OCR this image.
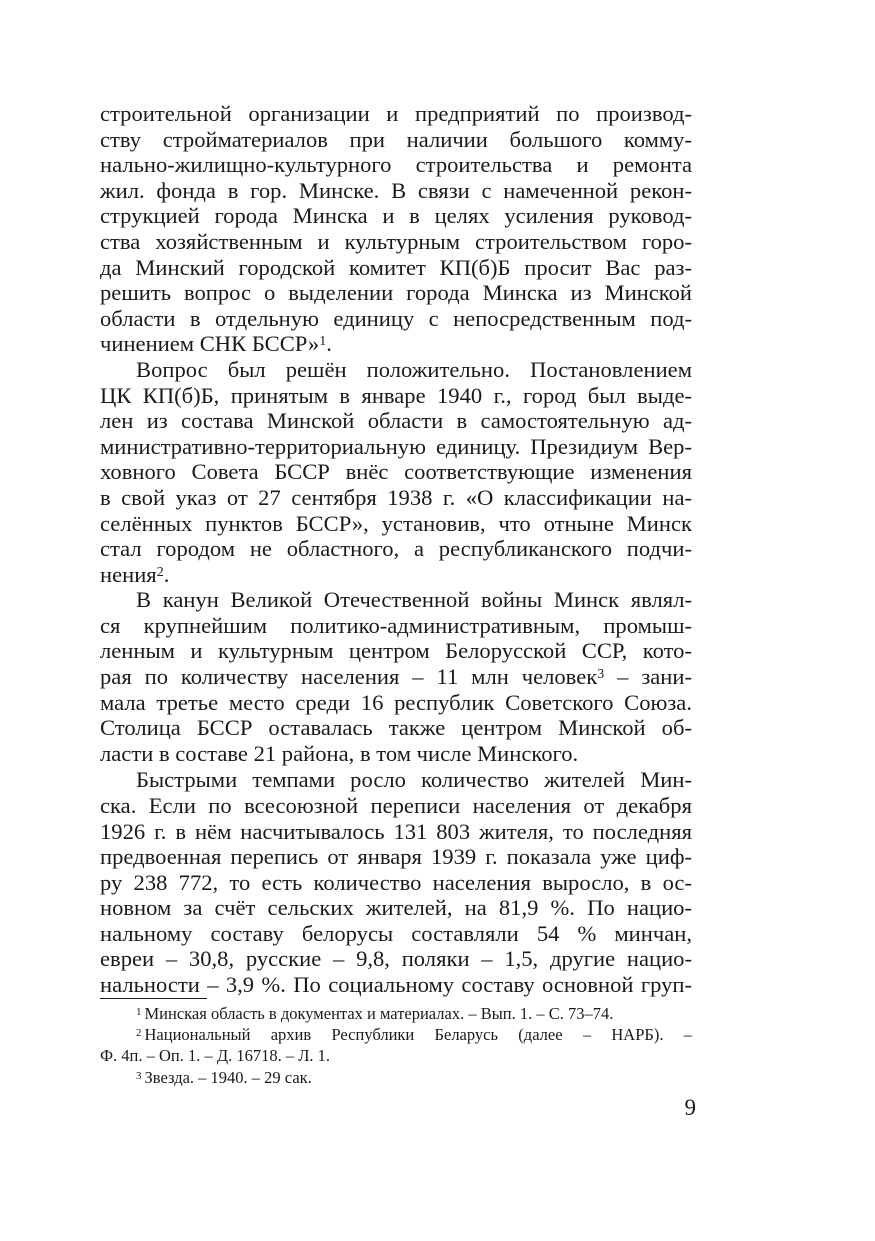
строительной организации и предприятий по производ-
ству стройматериалов при наличии большого комму-
нально-жилищно-культурного строительства и ремонта
жил. фонда в гор. Минске. В связи с намеченной рекон-
струкцией города Минска и в целях усиления руковод-
ства хозяйственным и культурным строительством горо-
да Минский городской комитет КП(б)Б просит Вас раз-
решить вопрос о выделении города Минска из Минской
области в отдельную единицу с непосредственным под-
чинением СНК БССР»$^1$.
Вопрос был решён положительно. Постановлением
ЦК КП(б)Б, принятым в январе 1940 г., город был выде-
лен из состава Минской области в самостоятельную ад-
министративно-территориальную единицу. Президиум Вер-
ховного Совета БССР внёс соответствующие изменения
в свой указ от 27 сентября 1938 г. «О классификации на-
селённых пунктов БССР», установив, что отныне Минск
стал городом не областного, а республиканского подчи-
нения$^2$.
В канун Великой Отечественной войны Минск являл-
ся крупнейшим политико-административным, промыш-
ленным и культурным центром Белорусской ССР, кото-
рая по количеству населения – 11 млн человек$^3$ – зани-
мала третье место среди 16 республик Советского Союза.
Столица БССР оставалась также центром Минской об-
ласти в составе 21 района, в том числе Минского.
Быстрыми темпами росло количество жителей Мин-
ска. Если по всесоюзной переписи населения от декабря
1926 г. в нём насчитывалось 131 803 жителя, то последняя
предвоенная перепись от января 1939 г. показала уже циф-
ру 238 772, то есть количество населения выросло, в ос-
новном за счёт сельских жителей, на 81,9 %. По нацио-
нальному составу белорусы составляли 54 % минчан,
евреи – 30,8, русские – 9,8, поляки – 1,5, другие нацио-
нальности – 3,9 %. По социальному составу основной груп-
$^1$ Минская область в документах и материалах. – Вып. 1. – С. 73–74.
$^2$ Национальный архив Республики Беларусь (далее – НАРБ). –
Ф. 4п. – Оп. 1. – Д. 16718. – Л. 1.
$^3$ Звезда. – 1940. – 29 сак.
9
